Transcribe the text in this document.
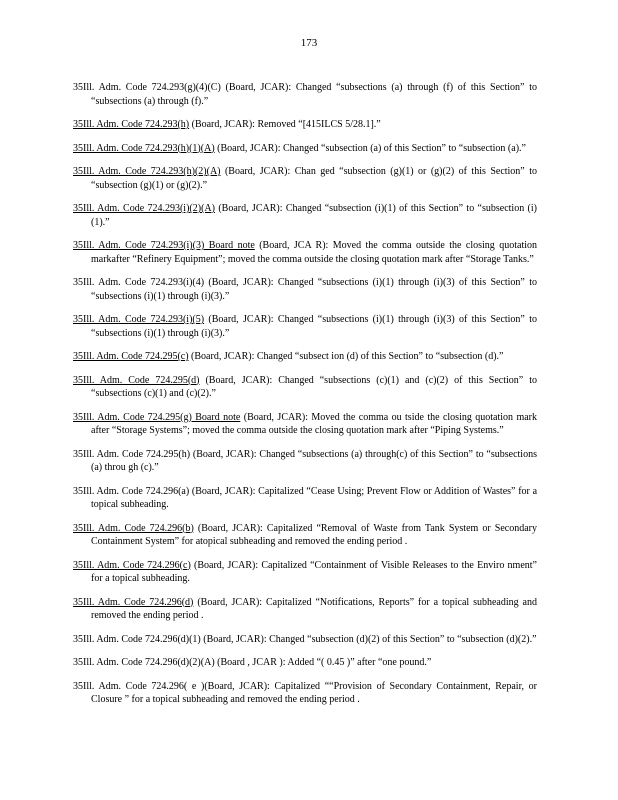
173

35Ill. Adm. Code 724.293(g)(4)(C) (Board, JCAR): Changed “subsections (a) through (f) of this Section” to “subsections (a) through (f).”

35Ill. Adm. Code 724.293(h) (Board, JCAR): Removed “[415ILCS 5/28.1].”

35Ill. Adm. Code 724.293(h)(1)(A) (Board, JCAR): Changed “subsection (a) of this Section” to “subsection (a).”

35Ill. Adm. Code 724.293(h)(2)(A) (Board, JCAR): Chan ged “subsection (g)(1) or (g)(2) of this Section” to “subsection (g)(1) or (g)(2).”

35Ill. Adm. Code 724.293(i)(2)(A) (Board, JCAR): Changed “subsection (i)(1) of this Section” to “subsection (i)(1).”

35Ill. Adm. Code 724.293(i)(3) Board note (Board, JCA R): Moved the comma outside the closing quotation markafter “Refinery Equipment”; moved the comma outside the closing quotation mark after “Storage Tanks.”

35Ill. Adm. Code 724.293(i)(4) (Board, JCAR): Changed “subsections (i)(1) through (i)(3) of this Section” to “subsections (i)(1) through (i)(3).”

35Ill. Adm. Code 724.293(i)(5) (Board, JCAR): Changed “subsections (i)(1) through (i)(3) of this Section” to “subsections (i)(1) through (i)(3).”

35Ill. Adm. Code 724.295(c) (Board, JCAR): Changed “subsect ion (d) of this Section” to “subsection (d).”

35Ill. Adm. Code 724.295(d) (Board, JCAR): Changed “subsections (c)(1) and (c)(2) of this Section” to “subsections (c)(1) and (c)(2).”

35Ill. Adm. Code 724.295(g) Board note (Board, JCAR): Moved the comma ou tside the closing quotation mark after “Storage Systems”; moved the comma outside the closing quotation mark after “Piping Systems.”

35Ill. Adm. Code 724.295(h) (Board, JCAR): Changed “subsections (a) through(c) of this Section” to “subsections (a) throu gh (c).”

35Ill. Adm. Code 724.296(a) (Board, JCAR): Capitalized “Cease Using; Prevent Flow or Addition of Wastes” for a topical subheading.

35Ill. Adm. Code 724.296(b) (Board, JCAR): Capitalized “Removal of Waste from Tank System or Secondary Containment System” for atopical subheading and removed the ending period .

35Ill. Adm. Code 724.296(c) (Board, JCAR): Capitalized “Containment of Visible Releases to the Enviro nment” for a topical subheading.

35Ill. Adm. Code 724.296(d) (Board, JCAR): Capitalized “Notifications, Reports” for a topical subheading and removed the ending period .

35Ill. Adm. Code 724.296(d)(1) (Board, JCAR): Changed “subsection (d)(2) of this Section” to “subsection (d)(2).”

35Ill. Adm. Code 724.296(d)(2)(A) (Board , JCAR ): Added “( 0.45 )” after “one pound.”

35Ill. Adm. Code 724.296( e )(Board, JCAR): Capitalized ““Provision of Secondary Containment, Repair, or Closure ” for a topical subheading and removed the ending period .
